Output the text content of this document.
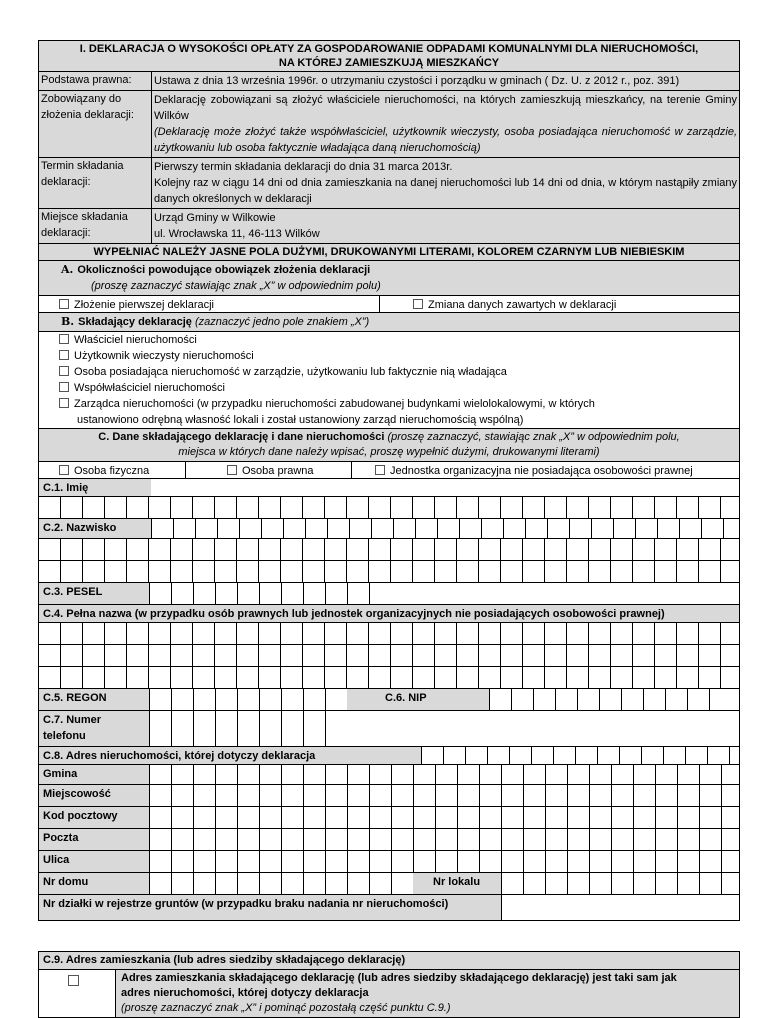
I. DEKLARACJA O WYSOKOŚCI OPŁATY ZA GOSPODAROWANIE ODPADAMI KOMUNALNYMI DLA NIERUCHOMOŚCI,
NA KTÓREJ ZAMIESZKUJĄ MIESZKAŃCY
Podstawa prawna:	Ustawa z dnia 13 września 1996r. o utrzymaniu czystości i porządku w gminach ( Dz. U. z 2012 r., poz. 391)
Zobowiązany do złożenia deklaracji:
Deklarację zobowiązani są złożyć właściciele nieruchomości, na których zamieszkują mieszkańcy, na terenie Gminy Wilków
(Deklarację może złożyć także współwłaściciel, użytkownik wieczysty, osoba posiadająca nieruchomość w zarządzie, użytkowaniu lub osoba faktycznie władająca daną nieruchomością)
Termin składania deklaracji:
Pierwszy termin składania deklaracji do dnia 31 marca 2013r.
Kolejny raz w ciągu 14 dni od dnia zamieszkania na danej nieruchomości lub 14 dni od dnia, w którym nastąpiły zmiany danych określonych w deklaracji
Miejsce składania deklaracji:
Urząd Gminy w Wilkowie
ul. Wrocławska 11, 46-113 Wilków
WYPEŁNIAĆ NALEŻY JASNE POLA DUŻYMI, DRUKOWANYMI LITERAMI, KOLOREM CZARNYM LUB NIEBIESKIM
A. Okoliczności powodujące obowiązek złożenia deklaracji
(proszę zaznaczyć stawiając znak „X” w odpowiednim polu)
Złożenie pierwszej deklaracji	Zmiana danych zawartych w deklaracji
B. Składający deklarację (zaznaczyć jedno pole znakiem „X”)
Właściciel nieruchomości
Użytkownik wieczysty nieruchomości
Osoba posiadająca nieruchomość w zarządzie, użytkowaniu lub faktycznie nią władająca
Współwłaściciel nieruchomości
Zarządca nieruchomości (w przypadku nieruchomości zabudowanej budynkami wielolokalowymi, w których
ustanowiono odrębną własność lokali i został ustanowiony zarząd nieruchomością wspólną)
C. Dane składającego deklarację i dane nieruchomości (proszę zaznaczyć, stawiając znak „X” w odpowiednim polu,
miejsca w których dane należy wpisać, proszę wypełnić dużymi, drukowanymi literami)
Osoba fizyczna	Osoba prawna	Jednostka organizacyjna nie posiadająca osobowości prawnej
C.1. Imię
C.2. Nazwisko
C.3. PESEL
C.4. Pełna nazwa (w przypadku osób prawnych lub jednostek organizacyjnych nie posiadających osobowości prawnej)
C.5. REGON	C.6. NIP
C.7. Numer
telefonu
C.8. Adres nieruchomości, której dotyczy deklaracja
Gmina
Miejscowość
Kod pocztowy
Poczta
Ulica
Nr domu	Nr lokalu
Nr działki w rejestrze gruntów (w przypadku braku nadania nr nieruchomości)
C.9. Adres zamieszkania (lub adres siedziby składającego deklarację)
Adres zamieszkania składającego deklarację (lub adres siedziby składającego deklarację) jest taki sam jak
adres nieruchomości, której dotyczy deklaracja
(proszę zaznaczyć znak „X” i pominąć pozostałą część punktu C.9.)
